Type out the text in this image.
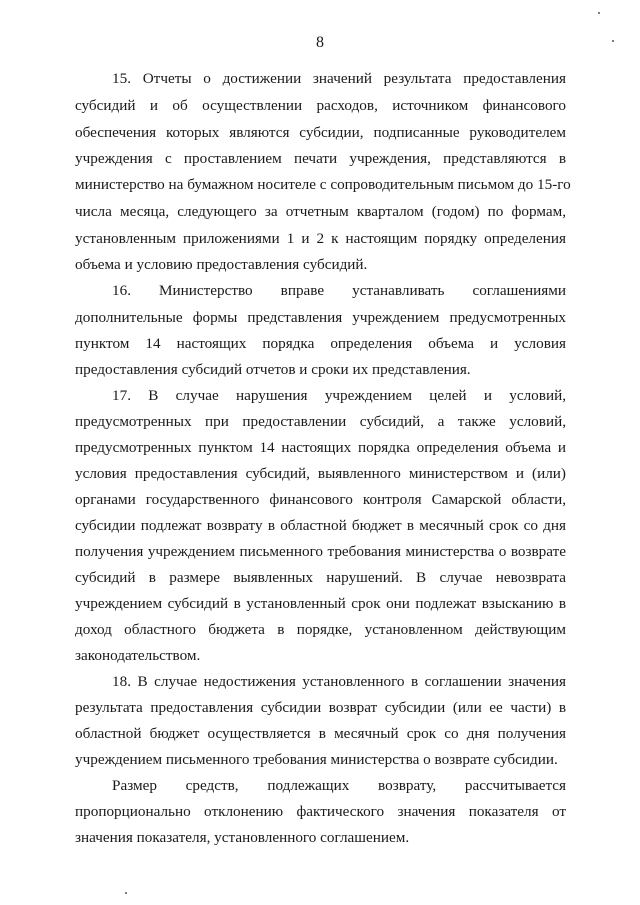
8
15. Отчеты о достижении значений результата предоставления
субсидий и об осуществлении расходов, источником финансового
обеспечения которых являются субсидии, подписанные руководителем
учреждения с проставлением печати учреждения, представляются в
министерство на бумажном носителе с сопроводительным письмом до 15-го
числа месяца, следующего за отчетным кварталом (годом) по формам,
установленным приложениями 1 и 2 к настоящим порядку определения
объема и условию предоставления субсидий.
16. Министерство вправе устанавливать соглашениями
дополнительные формы представления учреждением предусмотренных
пунктом 14 настоящих порядка определения объема и условия
предоставления субсидий отчетов и сроки их представления.
17. В случае нарушения учреждением целей и условий,
предусмотренных при предоставлении субсидий, а также условий,
предусмотренных пунктом 14 настоящих порядка определения объема и
условия предоставления субсидий, выявленного министерством и (или)
органами государственного финансового контроля Самарской области,
субсидии подлежат возврату в областной бюджет в месячный срок со дня
получения учреждением письменного требования министерства о возврате
субсидий в размере выявленных нарушений. В случае невозврата
учреждением субсидий в установленный срок они подлежат взысканию в
доход областного бюджета в порядке, установленном действующим
законодательством.
18. В случае недостижения установленного в соглашении значения
результата предоставления субсидии возврат субсидии (или ее части) в
областной бюджет осуществляется в месячный срок со дня получения
учреждением письменного требования министерства о возврате субсидии.
Размер средств, подлежащих возврату, рассчитывается
пропорционально отклонению фактического значения показателя от
значения показателя, установленного соглашением.
